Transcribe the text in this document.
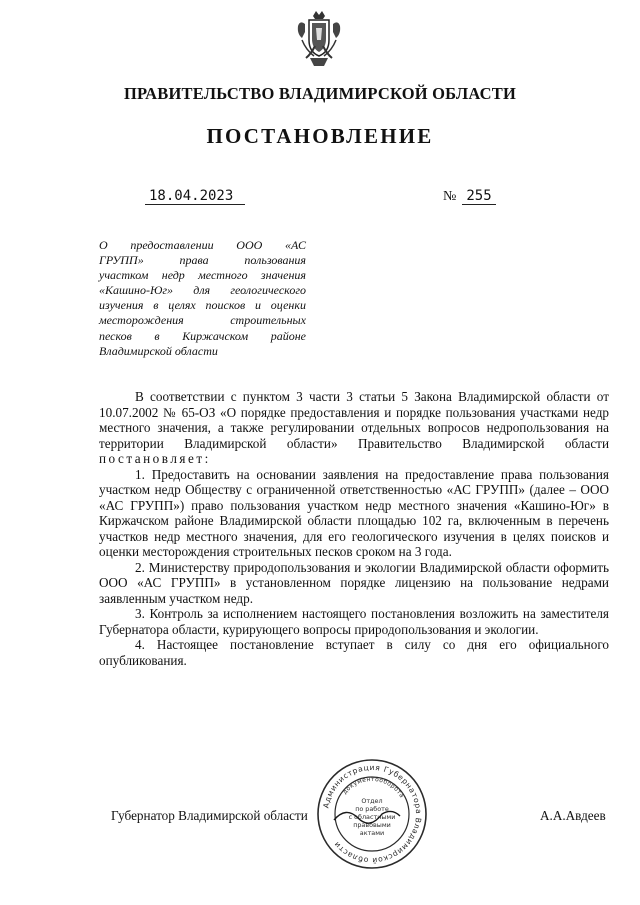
ПРАВИТЕЛЬСТВО ВЛАДИМИРСКОЙ ОБЛАСТИ
ПОСТАНОВЛЕНИЕ
18.04.2023	№ 255
О предоставлении ООО «АС
ГРУПП» права пользования
участком недр местного значения
«Кашино-Юг» для геологического
изучения в целях поисков и оценки
месторождения строительных
песков в Киржачском районе
Владимирской области

В соответствии с пунктом 3 части 3 статьи 5 Закона Владимирской области от 10.07.2002 № 65-ОЗ «О порядке предоставления и порядке пользования участками недр местного значения, а также регулировании отдельных вопросов недропользования на территории Владимирской области» Правительство Владимирской области постановляет:

1. Предоставить на основании заявления на предоставление права пользования участком недр Обществу с ограниченной ответственностью «АС ГРУПП» (далее – ООО «АС ГРУПП») право пользования участком недр местного значения «Кашино-Юг» в Киржачском районе Владимирской области площадью 102 га, включенным в перечень участков недр местного значения, для его геологического изучения в целях поисков и оценки месторождения строительных песков сроком на 3 года.

2. Министерству природопользования и экологии Владимирской области оформить ООО «АС ГРУПП» в установленном порядке лицензию на пользование недрами заявленным участком недр.

3. Контроль за исполнением настоящего постановления возложить на заместителя Губернатора области, курирующего вопросы природопользования и экологии.

4. Настоящее постановление вступает в силу со дня его официального опубликования.

Губернатор Владимирской области	А.А.Авдеев
Администрация Губернатора Владимирской области
документооборота
Отдел
по работе
с областными
правовыми
актами
